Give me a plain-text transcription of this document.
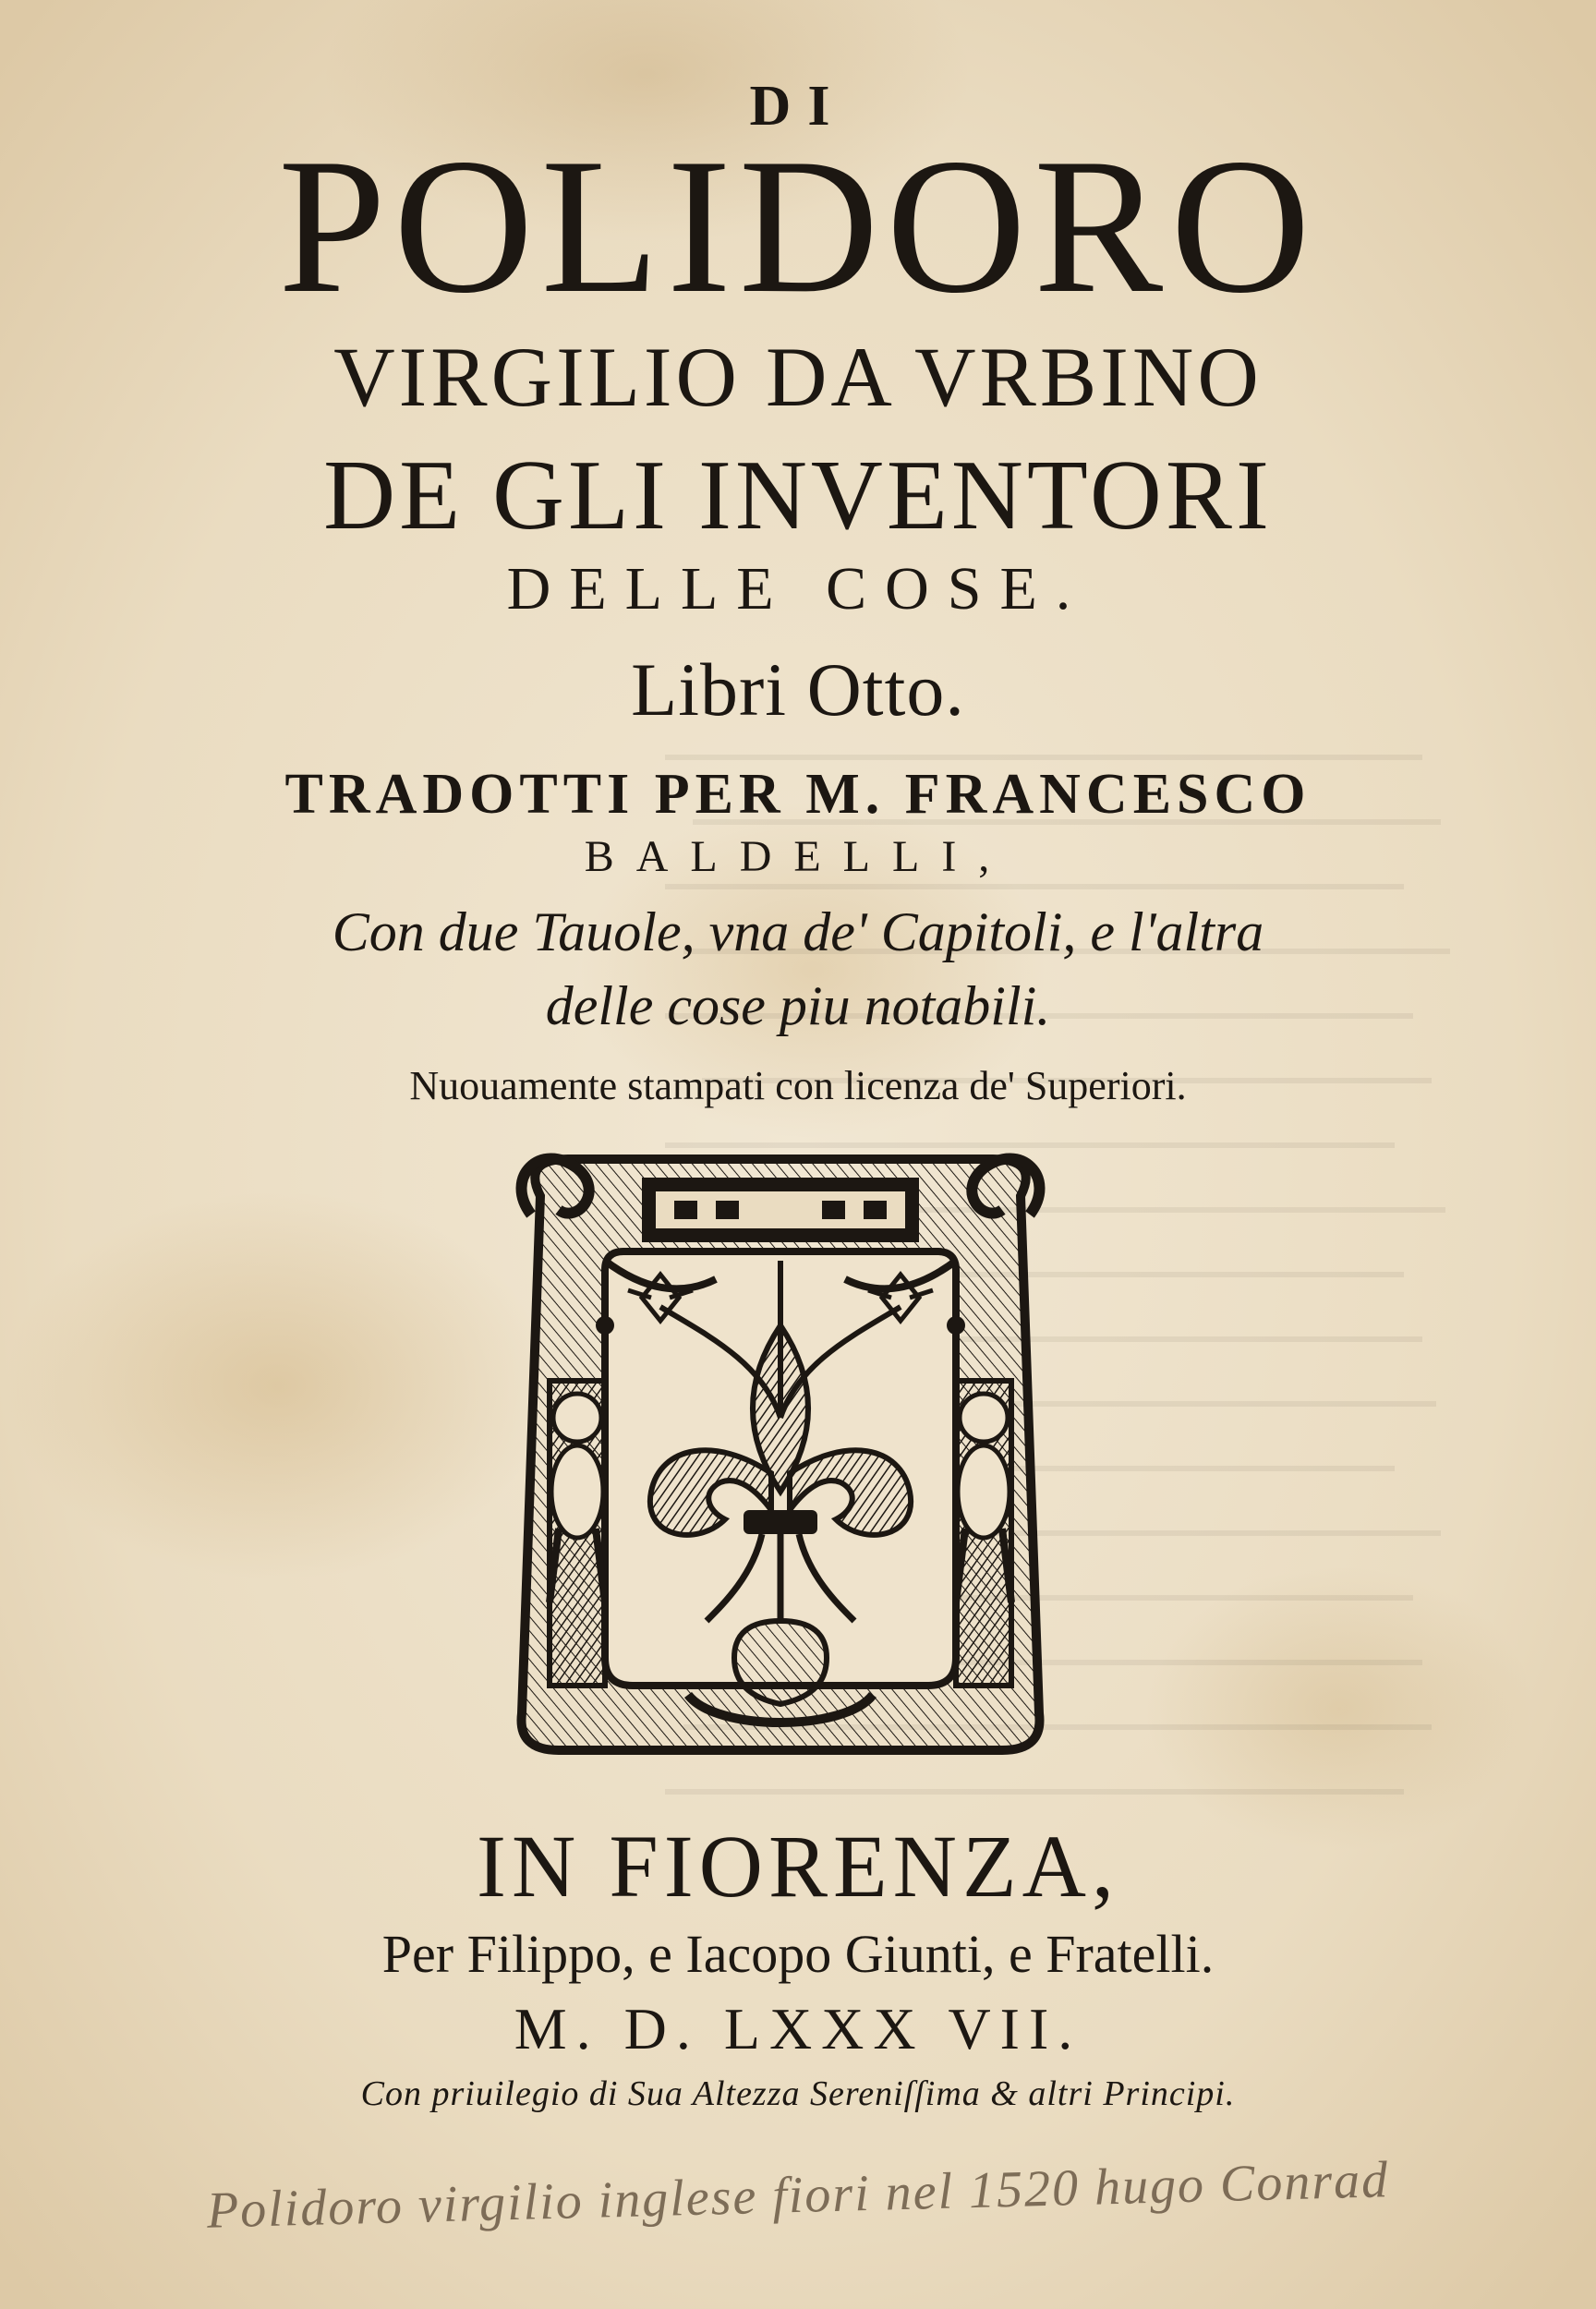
DI
POLIDORO
VIRGILIO DA VRBINO
DE GLI INVENTORI
DELLE COSE.
Libri Otto.
TRADOTTI PER M. FRANCESCO
BALDELLI,
Con due Tauole, vna de' Capitoli, e l'altra
delle cose piu notabili.
Nuouamente stampati con licenza de' Superiori.
IN FIORENZA,
Per Filippo, e Iacopo Giunti, e Fratelli.
M. D. LXXX VII.
Con priuilegio di Sua Altezza Sereniſſima & altri Principi.
Polidoro virgilio inglese fiori nel 1520 hugo Conrad
